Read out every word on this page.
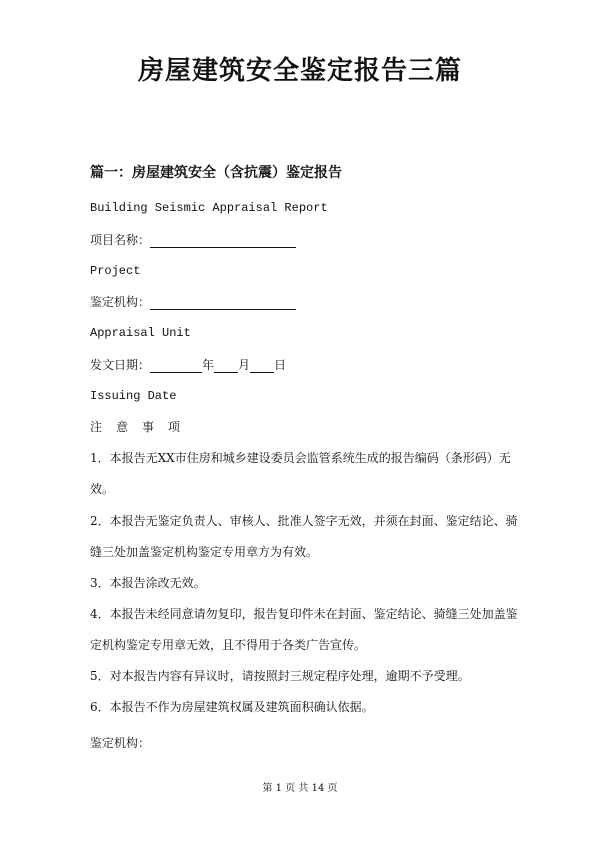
房屋建筑安全鉴定报告三篇
篇一：房屋建筑安全（含抗震）鉴定报告
Building Seismic Appraisal Report
项目名称：
Project
鉴定机构：
Appraisal Unit
发文日期：	年 月 日
Issuing Date
注意事项
1．本报告无XX市住房和城乡建设委员会监管系统生成的报告编码（条形码）无效。
2．本报告无鉴定负责人、审核人、批准人签字无效，并须在封面、鉴定结论、骑缝三处加盖鉴定机构鉴定专用章方为有效。
3．本报告涂改无效。
4．本报告未经同意请勿复印，报告复印件未在封面、鉴定结论、骑缝三处加盖鉴定机构鉴定专用章无效，且不得用于各类广告宣传。
5．对本报告内容有异议时，请按照封三规定程序处理，逾期不予受理。
6．本报告不作为房屋建筑权属及建筑面积确认依据。
鉴定机构：
第 1 页 共 14 页
